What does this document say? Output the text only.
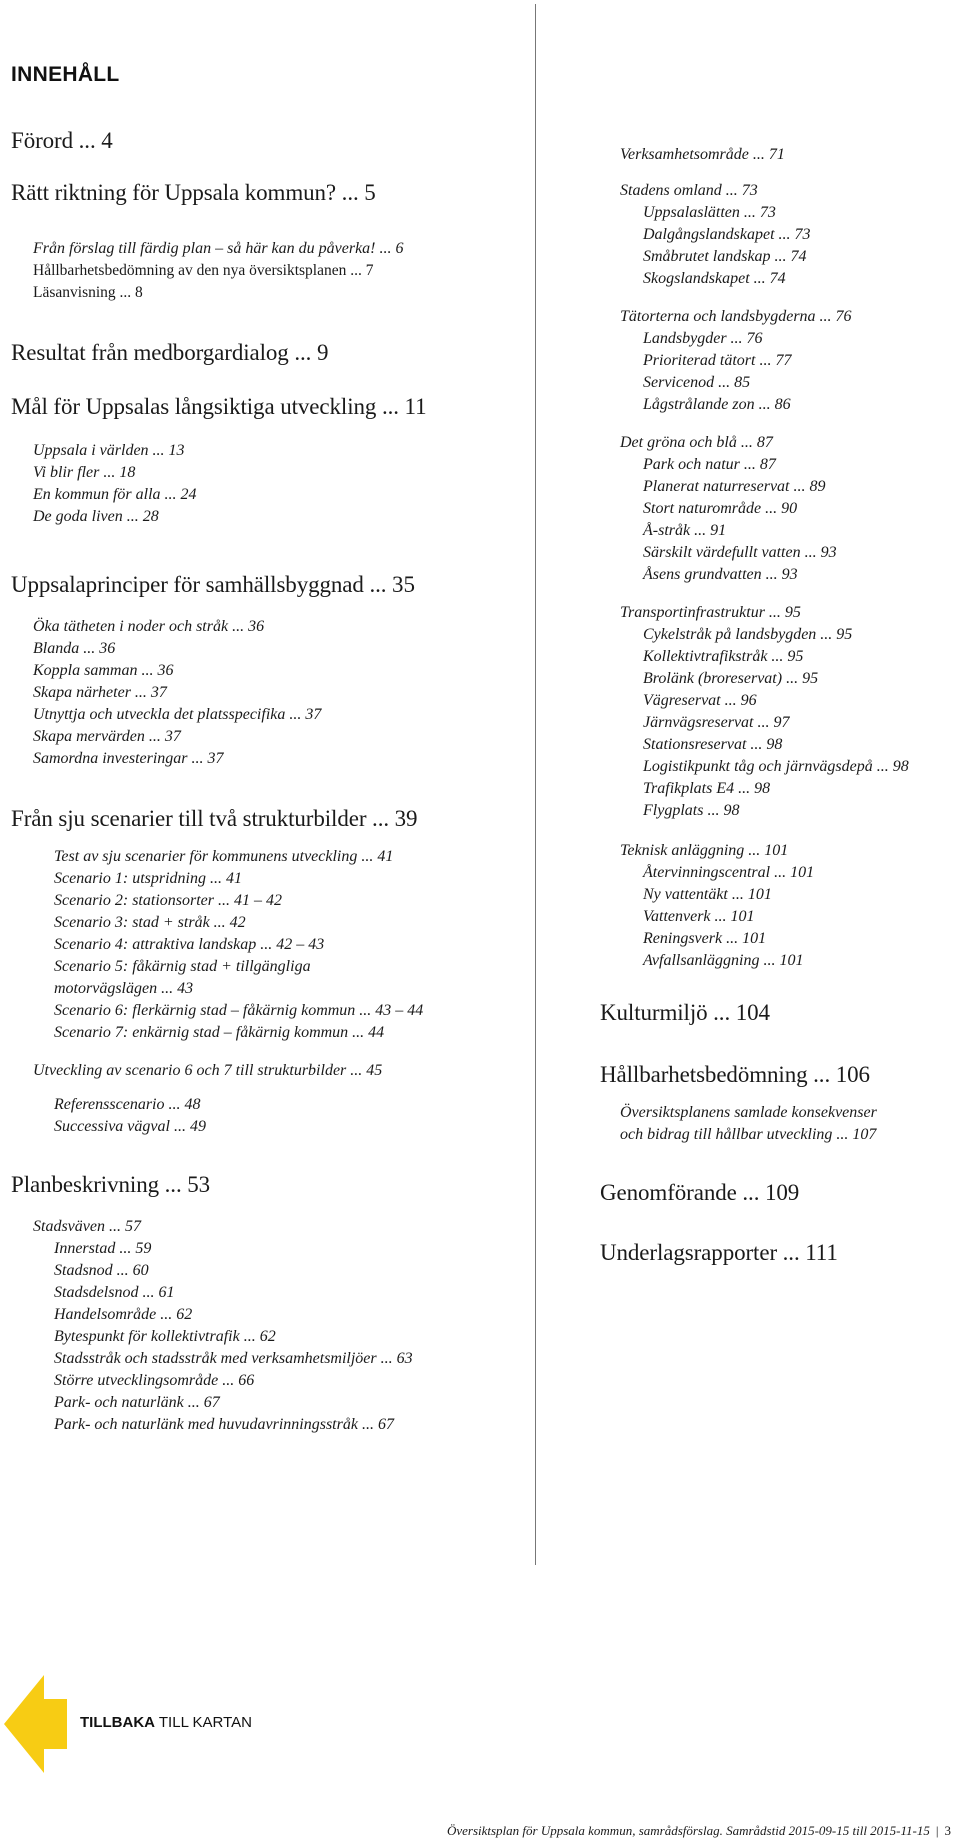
INNEHÅLL
Förord ... 4
Rätt riktning för Uppsala kommun? ... 5
Från förslag till färdig plan – så här kan du påverka! ... 6
Hållbarhetsbedömning av den nya översiktsplanen ... 7
Läsanvisning ... 8
Resultat från medborgardialog ... 9
Mål för Uppsalas långsiktiga utveckling ... 11
Uppsala i världen ... 13
Vi blir fler ... 18
En kommun för alla ... 24
De goda liven ... 28
Uppsalaprinciper för samhällsbyggnad ... 35
Öka tätheten i noder och stråk ... 36
Blanda ... 36
Koppla samman ... 36
Skapa närheter ... 37
Utnyttja och utveckla det platsspecifika ... 37
Skapa mervärden ... 37
Samordna investeringar ... 37
Från sju scenarier till två strukturbilder ... 39
Test av sju scenarier för kommunens utveckling ... 41
Scenario 1: utspridning ... 41
Scenario 2: stationsorter ... 41 – 42
Scenario 3: stad + stråk ... 42
Scenario 4: attraktiva landskap ... 42 – 43
Scenario 5: fåkärnig stad + tillgängliga
motorvägslägen ... 43
Scenario 6: flerkärnig stad – fåkärnig kommun ... 43 – 44
Scenario 7: enkärnig stad – fåkärnig kommun ... 44
Utveckling av scenario 6 och 7 till strukturbilder ... 45
Referensscenario ... 48
Successiva vägval ... 49
Planbeskrivning ... 53
Stadsväven ... 57
Innerstad ... 59
Stadsnod ... 60
Stadsdelsnod ... 61
Handelsområde ... 62
Bytespunkt för kollektivtrafik ... 62
Stadsstråk och stadsstråk med verksamhetsmiljöer ... 63
Större utvecklingsområde ... 66
Park- och naturlänk ... 67
Park- och naturlänk med huvudavrinningsstråk ... 67
Verksamhetsområde ... 71
Stadens omland ... 73
Uppsalaslätten ... 73
Dalgångslandskapet ... 73
Småbrutet landskap ... 74
Skogslandskapet ... 74
Tätorterna och landsbygderna ... 76
Landsbygder ... 76
Prioriterad tätort ... 77
Servicenod ... 85
Lågstrålande zon ... 86
Det gröna och blå ... 87
Park och natur ... 87
Planerat naturreservat ... 89
Stort naturområde ... 90
Å-stråk ... 91
Särskilt värdefullt vatten ... 93
Åsens grundvatten ... 93
Transportinfrastruktur ... 95
Cykelstråk på landsbygden ... 95
Kollektivtrafikstråk ... 95
Brolänk (broreservat) ... 95
Vägreservat ... 96
Järnvägsreservat ... 97
Stationsreservat ... 98
Logistikpunkt tåg och järnvägsdepå ... 98
Trafikplats E4 ... 98
Flygplats ... 98
Teknisk anläggning ... 101
Återvinningscentral ... 101
Ny vattentäkt ... 101
Vattenverk ... 101
Reningsverk ... 101
Avfallsanläggning ... 101
Kulturmiljö ... 104
Hållbarhetsbedömning ... 106
Översiktsplanens samlade konsekvenser
och bidrag till hållbar utveckling ... 107
Genomförande ... 109
Underlagsrapporter ... 111
TILLBAKA TILL KARTAN
Översiktsplan för Uppsala kommun, samrådsförslag. Samrådstid 2015-09-15 till 2015-11-15 | 3
